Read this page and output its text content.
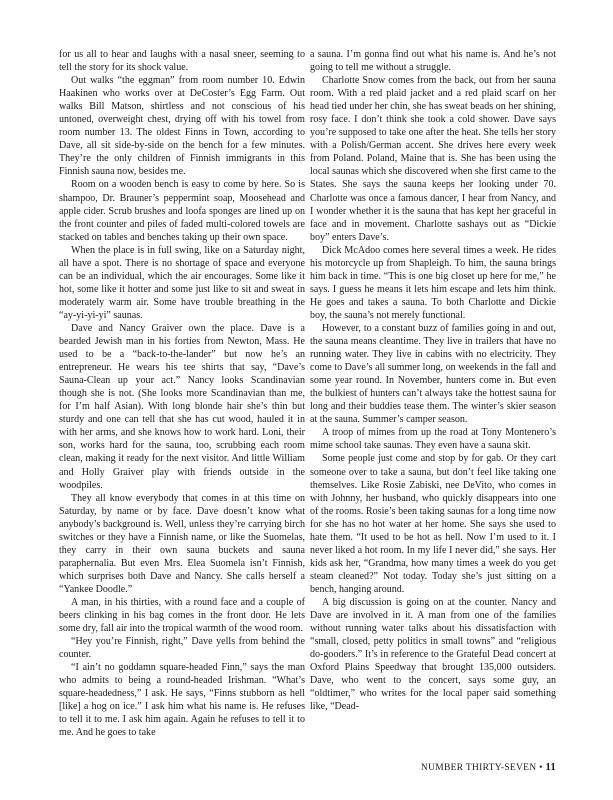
for us all to hear and laughs with a nasal sneer, seeming to tell the story for its shock value.

Out walks “the eggman” from room number 10. Edwin Haakinen who works over at DeCoster’s Egg Farm. Out walks Bill Matson, shirtless and not conscious of his untoned, overweight chest, drying off with his towel from room number 13. The oldest Finns in Town, according to Dave, all sit side-by-side on the bench for a few minutes. They’re the only children of Finnish immigrants in this Finnish sauna now, besides me.

Room on a wooden bench is easy to come by here. So is shampoo, Dr. Brauner’s peppermint soap, Moosehead and apple cider. Scrub brushes and loofa sponges are lined up on the front counter and piles of faded multi-colored towels are stacked on tables and benches taking up their own space.

When the place is in full swing, like on a Saturday night, all have a spot. There is no shortage of space and everyone can be an individual, which the air encourages. Some like it hot, some like it hotter and some just like to sit and sweat in moderately warm air. Some have trouble breathing in the “ay-yi-yi-yi” saunas.

Dave and Nancy Graiver own the place. Dave is a bearded Jewish man in his forties from Newton, Mass. He used to be a “back-to-the-lander” but now he’s an entrepreneur. He wears his tee shirts that say, “Dave’s Sauna-Clean up your act.” Nancy looks Scandinavian though she is not. (She looks more Scandinavian than me, for I’m half Asian). With long blonde hair she’s thin but sturdy and one can tell that she has cut wood, hauled it in with her arms, and she knows how to work hard. Loni, their son, works hard for the sauna, too, scrubbing each room clean, making it ready for the next visitor. And little William and Holly Graiver play with friends outside in the woodpiles.

They all know everybody that comes in at this time on Saturday, by name or by face. Dave doesn’t know what anybody’s background is. Well, unless they’re carrying birch switches or they have a Finnish name, or like the Suomelas, they carry in their own sauna buckets and sauna paraphernalia. But even Mrs. Elea Suomela isn’t Finnish, which surprises both Dave and Nancy. She calls herself a “Yankee Doodle.”

A man, in his thirties, with a round face and a couple of beers clinking in his bag comes in the front door. He lets some dry, fall air into the tropical warmth of the wood room.

“Hey you’re Finnish, right,” Dave yells from behind the counter.

“I ain’t no goddamn square-headed Finn,” says the man who admits to being a round-headed Irishman. “What’s square-headedness,” I ask. He says, “Finns stubborn as hell [like] a hog on ice.” I ask him what his name is. He refuses to tell it to me. I ask him again. Again he refuses to tell it to me. And he goes to take

a sauna. I’m gonna find out what his name is. And he’s not going to tell me without a struggle.

Charlotte Snow comes from the back, out from her sauna room. With a red plaid jacket and a red plaid scarf on her head tied under her chin, she has sweat beads on her shining, rosy face. I don’t think she took a cold shower. Dave says you’re supposed to take one after the heat. She tells her story with a Polish/German accent. She drives here every week from Poland. Poland, Maine that is. She has been using the local saunas which she discovered when she first came to the States. She says the sauna keeps her looking under 70. Charlotte was once a famous dancer, I hear from Nancy, and I wonder whether it is the sauna that has kept her graceful in face and in movement. Charlotte sashays out as “Dickie boy” enters Dave’s.

Dick McAdoo comes here several times a week. He rides his motorcycle up from Shapleigh. To him, the sauna brings him back in time. “This is one big closet up here for me,” he says. I guess he means it lets him escape and lets him think. He goes and takes a sauna. To both Charlotte and Dickie boy, the sauna’s not merely functional.

However, to a constant buzz of families going in and out, the sauna means cleantime. They live in trailers that have no running water. They live in cabins with no electricity. They come to Dave’s all summer long, on weekends in the fall and some year round. In November, hunters come in. But even the bulkiest of hunters can’t always take the hottest sauna for long and their buddies tease them. The winter’s skier season at the sauna. Summer’s camper season.

A troop of mimes from up the road at Tony Montenero’s mime school take saunas. They even have a sauna skit.

Some people just come and stop by for gab. Or they cart someone over to take a sauna, but don’t feel like taking one themselves. Like Rosie Zabiski, nee DeVito, who comes in with Johnny, her husband, who quickly disappears into one of the rooms. Rosie’s been taking saunas for a long time now for she has no hot water at her home. She says she used to hate them. “It used to be hot as hell. Now I’m used to it. I never liked a hot room. In my life I never did,” she says. Her kids ask her, “Grandma, how many times a week do you get steam cleaned?” Not today. Today she’s just sitting on a bench, hanging around.

A big discussion is going on at the counter. Nancy and Dave are involved in it. A man from one of the families without running water talks about his dissatisfaction with “small, closed, petty politics in small towns” and “religious do-gooders.” It’s in reference to the Grateful Dead concert at Oxford Plains Speedway that brought 135,000 outsiders. Dave, who went to the concert, says some guy, an “oldtimer,” who writes for the local paper said something like, “Dead-

NUMBER THIRTY-SEVEN • 11
